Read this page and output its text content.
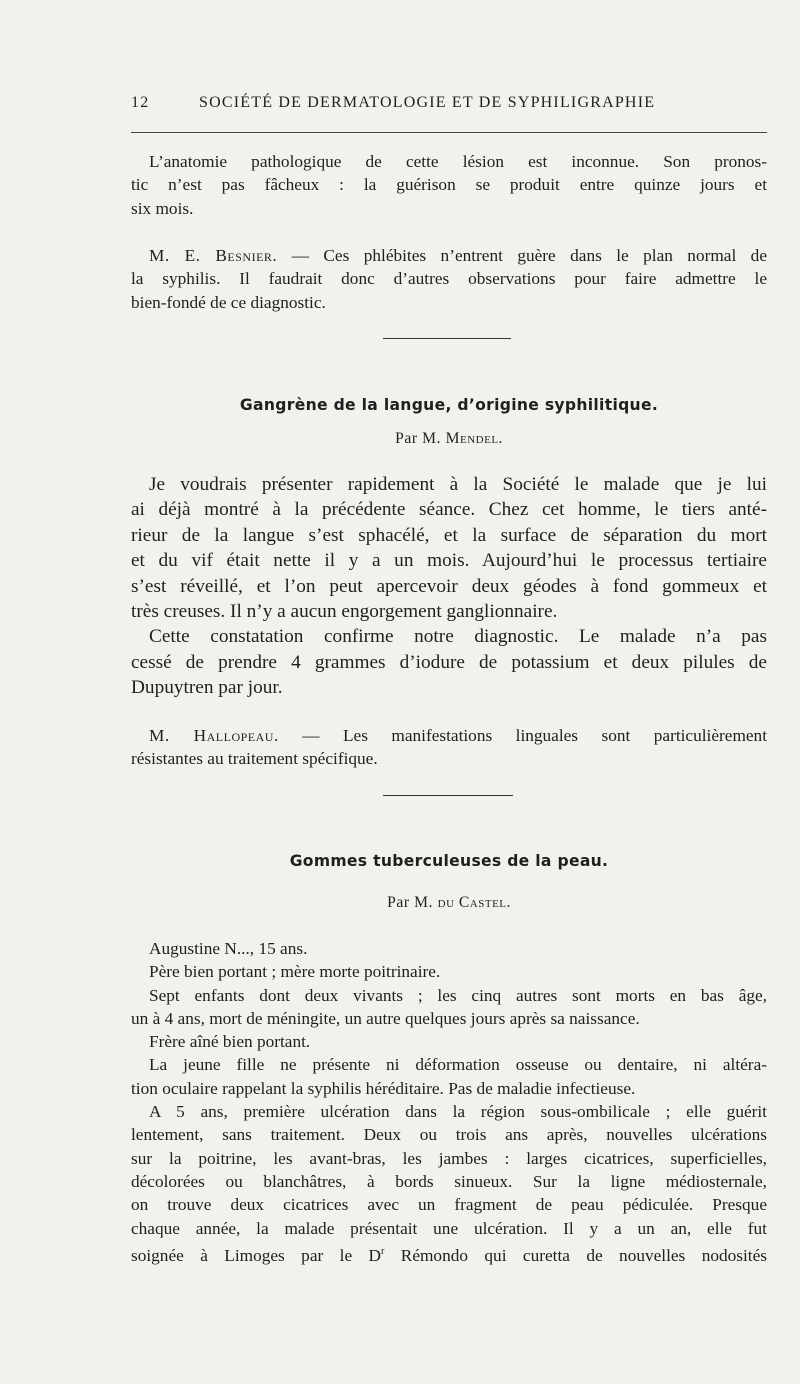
12	SOCIÉTÉ DE DERMATOLOGIE ET DE SYPHILIGRAPHIE
L’anatomie pathologique de cette lésion est inconnue. Son pronos-
tic n’est pas fâcheux : la guérison se produit entre quinze jours et
six mois.
M. E. Besnier. — Ces phlébites n’entrent guère dans le plan normal de
la syphilis. Il faudrait donc d’autres observations pour faire admettre le
bien-fondé de ce diagnostic.
Gangrène de la langue, d’origine syphilitique.
Par M. Mendel.
Je voudrais présenter rapidement à la Société le malade que je lui
ai déjà montré à la précédente séance. Chez cet homme, le tiers anté-
rieur de la langue s’est sphacélé, et la surface de séparation du mort
et du vif était nette il y a un mois. Aujourd’hui le processus tertiaire
s’est réveillé, et l’on peut apercevoir deux géodes à fond gommeux et
très creuses. Il n’y a aucun engorgement ganglionnaire.
Cette constatation confirme notre diagnostic. Le malade n’a pas
cessé de prendre 4 grammes d’iodure de potassium et deux pilules de
Dupuytren par jour.
M. Hallopeau. — Les manifestations linguales sont particulièrement
résistantes au traitement spécifique.
Gommes tuberculeuses de la peau.
Par M. du Castel.
Augustine N..., 15 ans.
Père bien portant ; mère morte poitrinaire.
Sept enfants dont deux vivants ; les cinq autres sont morts en bas âge,
un à 4 ans, mort de méningite, un autre quelques jours après sa naissance.
Frère aîné bien portant.
La jeune fille ne présente ni déformation osseuse ou dentaire, ni altéra-
tion oculaire rappelant la syphilis héréditaire. Pas de maladie infectieuse.
A 5 ans, première ulcération dans la région sous-ombilicale ; elle guérit
lentement, sans traitement. Deux ou trois ans après, nouvelles ulcérations
sur la poitrine, les avant-bras, les jambes : larges cicatrices, superficielles,
décolorées ou blanchâtres, à bords sinueux. Sur la ligne médiosternale,
on trouve deux cicatrices avec un fragment de peau pédiculée. Presque
chaque année, la malade présentait une ulcération. Il y a un an, elle fut
soignée à Limoges par le $D^r$ Rémondo qui curetta de nouvelles nodosités
